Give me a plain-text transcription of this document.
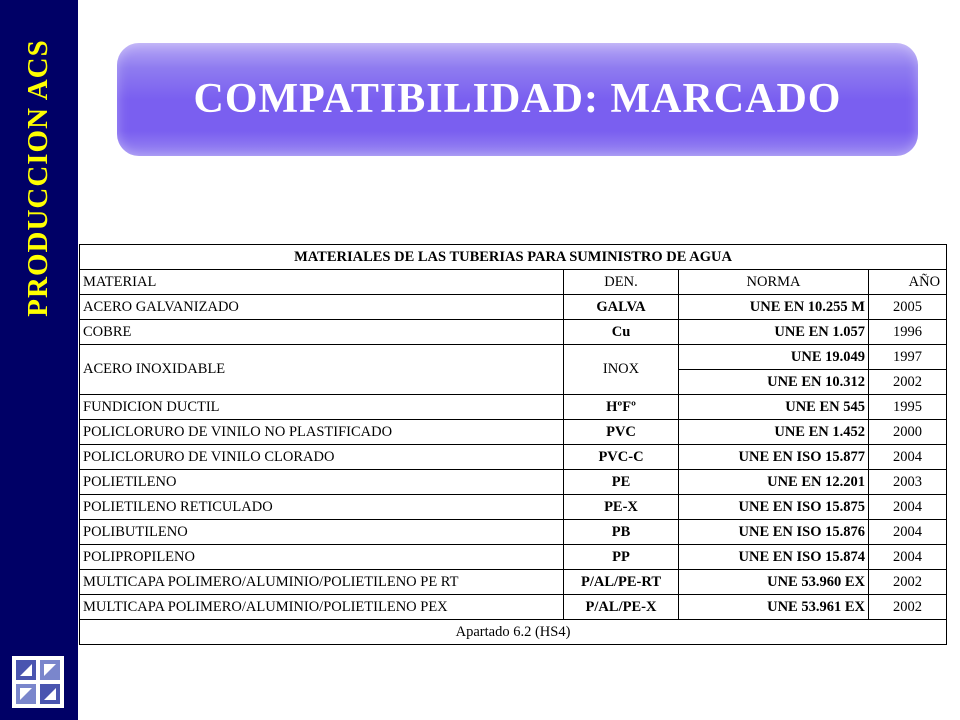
PRODUCCION ACS	COMPATIBILIDAD: MARCADO
MATERIALES DE LAS TUBERIAS PARA SUMINISTRO DE AGUA			
MATERIAL	DEN.	NORMA	AÑO
ACERO GALVANIZADO	GALVA	UNE EN 10.255 M	2005
COBRE	Cu	UNE EN 1.057	1996
ACERO INOXIDABLE	INOX	UNE 19.049	1997
		UNE EN 10.312	2002
FUNDICION DUCTIL	HºFº	UNE EN 545	1995
POLICLORURO DE VINILO NO PLASTIFICADO	PVC	UNE EN 1.452	2000
POLICLORURO DE VINILO CLORADO	PVC-C	UNE EN ISO 15.877	2004
POLIETILENO	PE	UNE EN 12.201	2003
POLIETILENO RETICULADO	PE-X	UNE EN ISO 15.875	2004
POLIBUTILENO	PB	UNE EN ISO 15.876	2004
POLIPROPILENO	PP	UNE EN ISO 15.874	2004
MULTICAPA POLIMERO/ALUMINIO/POLIETILENO PE RT	P/AL/PE-RT	UNE 53.960 EX	2002
MULTICAPA POLIMERO/ALUMINIO/POLIETILENO PEX	P/AL/PE-X	UNE 53.961 EX	2002
Apartado 6.2 (HS4)			
